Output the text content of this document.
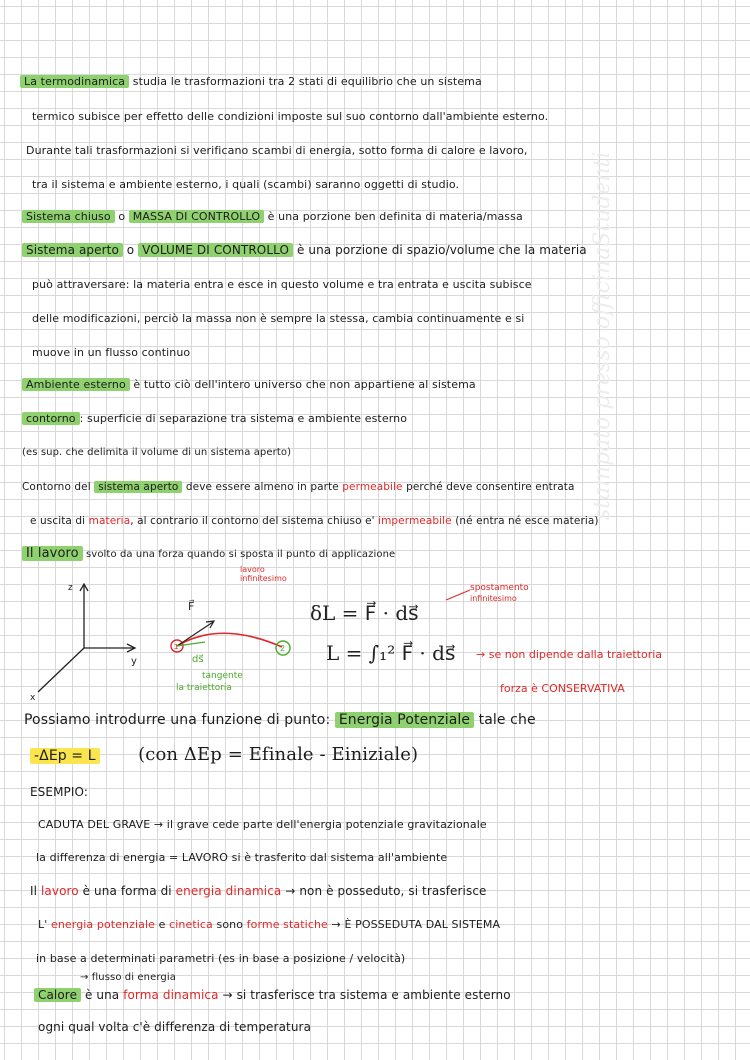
stampato presso officinaStudenti
La termodinamica studia le trasformazioni tra 2 stati di equilibrio che un sistema
termico subisce per effetto delle condizioni imposte sul suo contorno dall'ambiente esterno.
Durante tali trasformazioni si verificano scambi di energia, sotto forma di calore e lavoro,
tra il sistema e ambiente esterno, i quali (scambi) saranno oggetti di studio.
Sistema chiuso o MASSA DI CONTROLLO è una porzione ben definita di materia/massa
Sistema aperto o VOLUME DI CONTROLLO è una porzione di spazio/volume che la materia
può attraversare: la materia entra e esce in questo volume e tra entrata e uscita subisce
delle modificazioni, perciò la massa non è sempre la stessa, cambia continuamente e si
muove in un flusso continuo
Ambiente esterno è tutto ciò dell'intero universo che non appartiene al sistema
contorno : superficie di separazione tra sistema e ambiente esterno
(es sup. che delimita il volume di un sistema aperto)
Contorno del sistema aperto deve essere almeno in parte permeabile perché deve consentire entrata
e uscita di materia, al contrario il contorno del sistema chiuso e' impermeabile (né entra né esce materia)
Il lavoro svolto da una forza quando si sposta il punto di applicazione
z
y
x
1	2
F⃗
ds⃗
tangente
la traiettoria
lavoro
infinitesimo
δL = F⃗ · ds⃗
L = ∫₁² F⃗ · ds⃗
spostamento
infinitesimo
→ se non dipende dalla traiettoria
forza è CONSERVATIVA
Possiamo introdurre una funzione di punto: Energia Potenziale tale che
-ΔEp = L (con ΔEp = Efinale - Einiziale)
ESEMPIO:
CADUTA DEL GRAVE → il grave cede parte dell'energia potenziale gravitazionale
la differenza di energia = LAVORO si è trasferito dal sistema all'ambiente
Il lavoro è una forma di energia dinamica → non è posseduto, si trasferisce
L' energia potenziale e cinetica sono forme statiche → È POSSEDUTA DAL SISTEMA
in base a determinati parametri (es in base a posizione / velocità)
→ flusso di energia
Calore è una forma dinamica → si trasferisce tra sistema e ambiente esterno
ogni qual volta c'è differenza di temperatura
